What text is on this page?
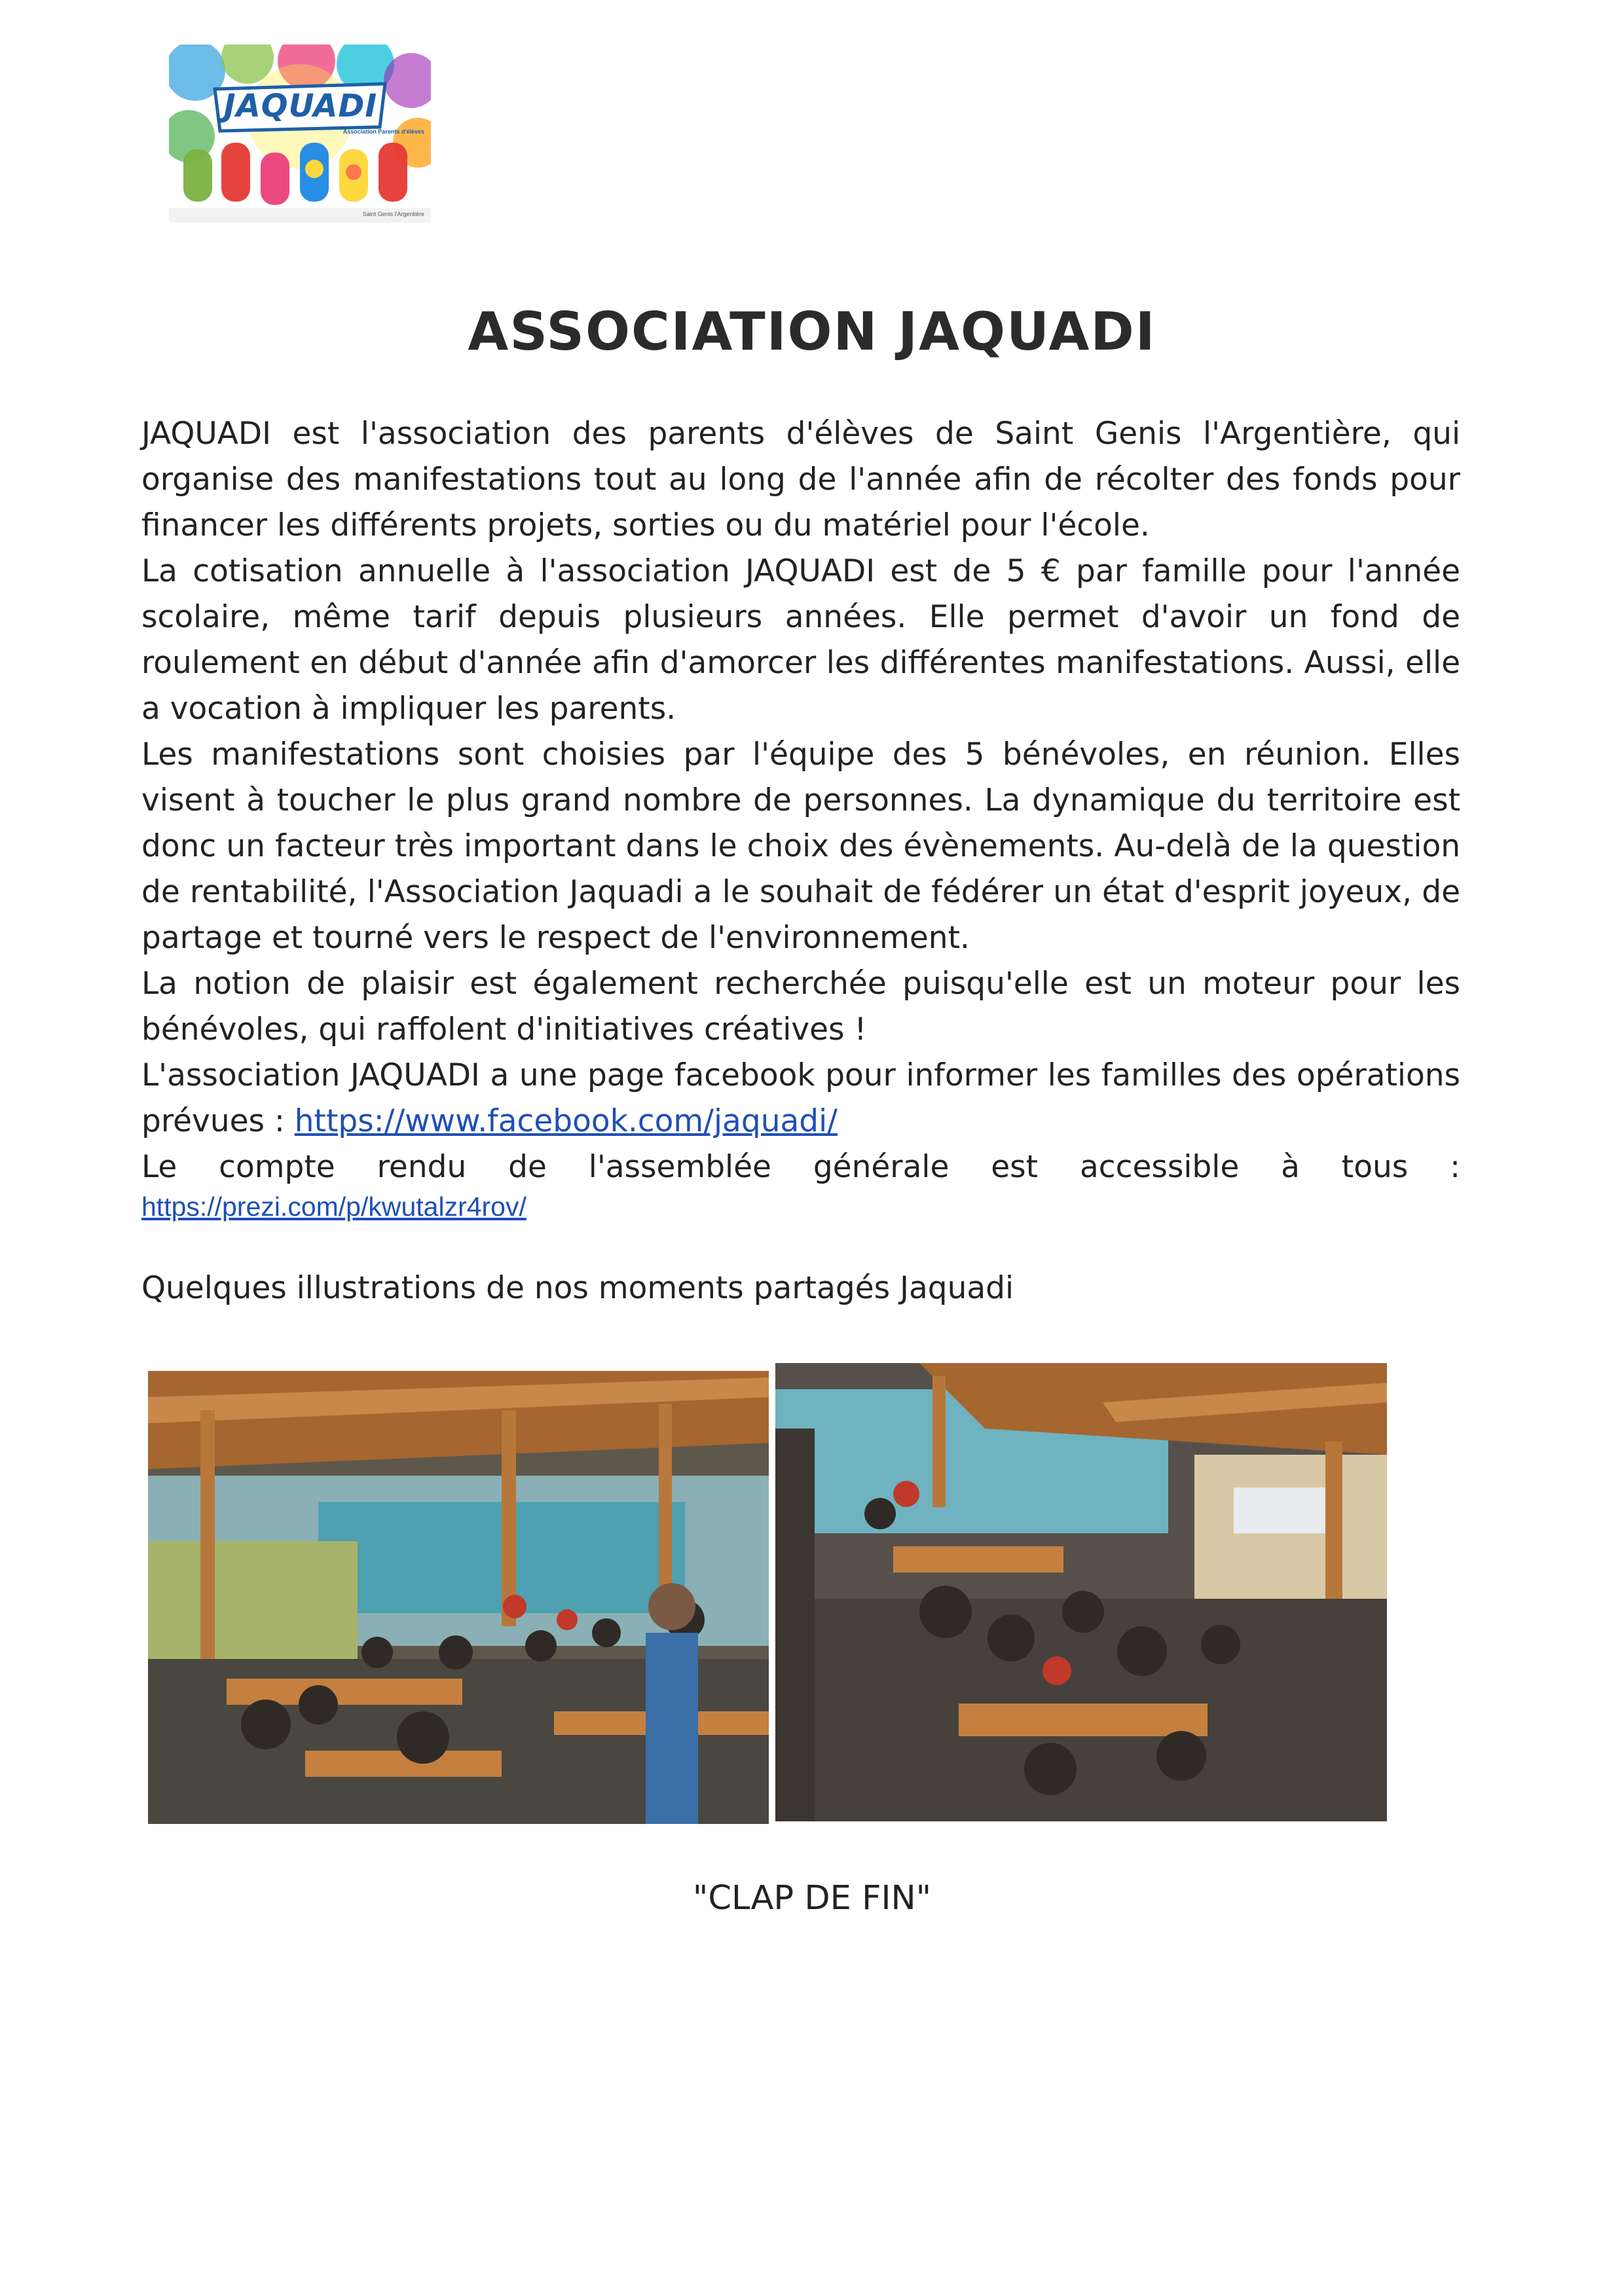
JAQUADI
Association Parents d'élèves
Saint Genis l'Argentière
ASSOCIATION JAQUADI

JAQUADI est l'association des parents d'élèves de Saint Genis l'Argentière, qui organise des manifestations tout au long de l'année afin de récolter des fonds pour financer les différents projets, sorties ou du matériel pour l'école.

La cotisation annuelle à l'association JAQUADI est de 5 € par famille pour l'année scolaire, même tarif depuis plusieurs années. Elle permet d'avoir un fond de roulement en début d'année afin d'amorcer les différentes manifestations. Aussi, elle a vocation à impliquer les parents.

Les manifestations sont choisies par l'équipe des 5 bénévoles, en réunion. Elles visent à toucher le plus grand nombre de personnes. La dynamique du territoire est donc un facteur très important dans le choix des évènements. Au-delà de la question de rentabilité, l'Association Jaquadi a le souhait de fédérer un état d'esprit joyeux, de partage et tourné vers le respect de l'environnement.

La notion de plaisir est également recherchée puisqu'elle est un moteur pour les bénévoles, qui raffolent d'initiatives créatives !

L'association JAQUADI a une page facebook pour informer les familles des opérations prévues : https://www.facebook.com/jaquadi/

Le compte rendu de l'assemblée générale est accessible à tous :

https://prezi.com/p/kwutalzr4rov/
Quelques illustrations de nos moments partagés Jaquadi
"CLAP DE FIN"
